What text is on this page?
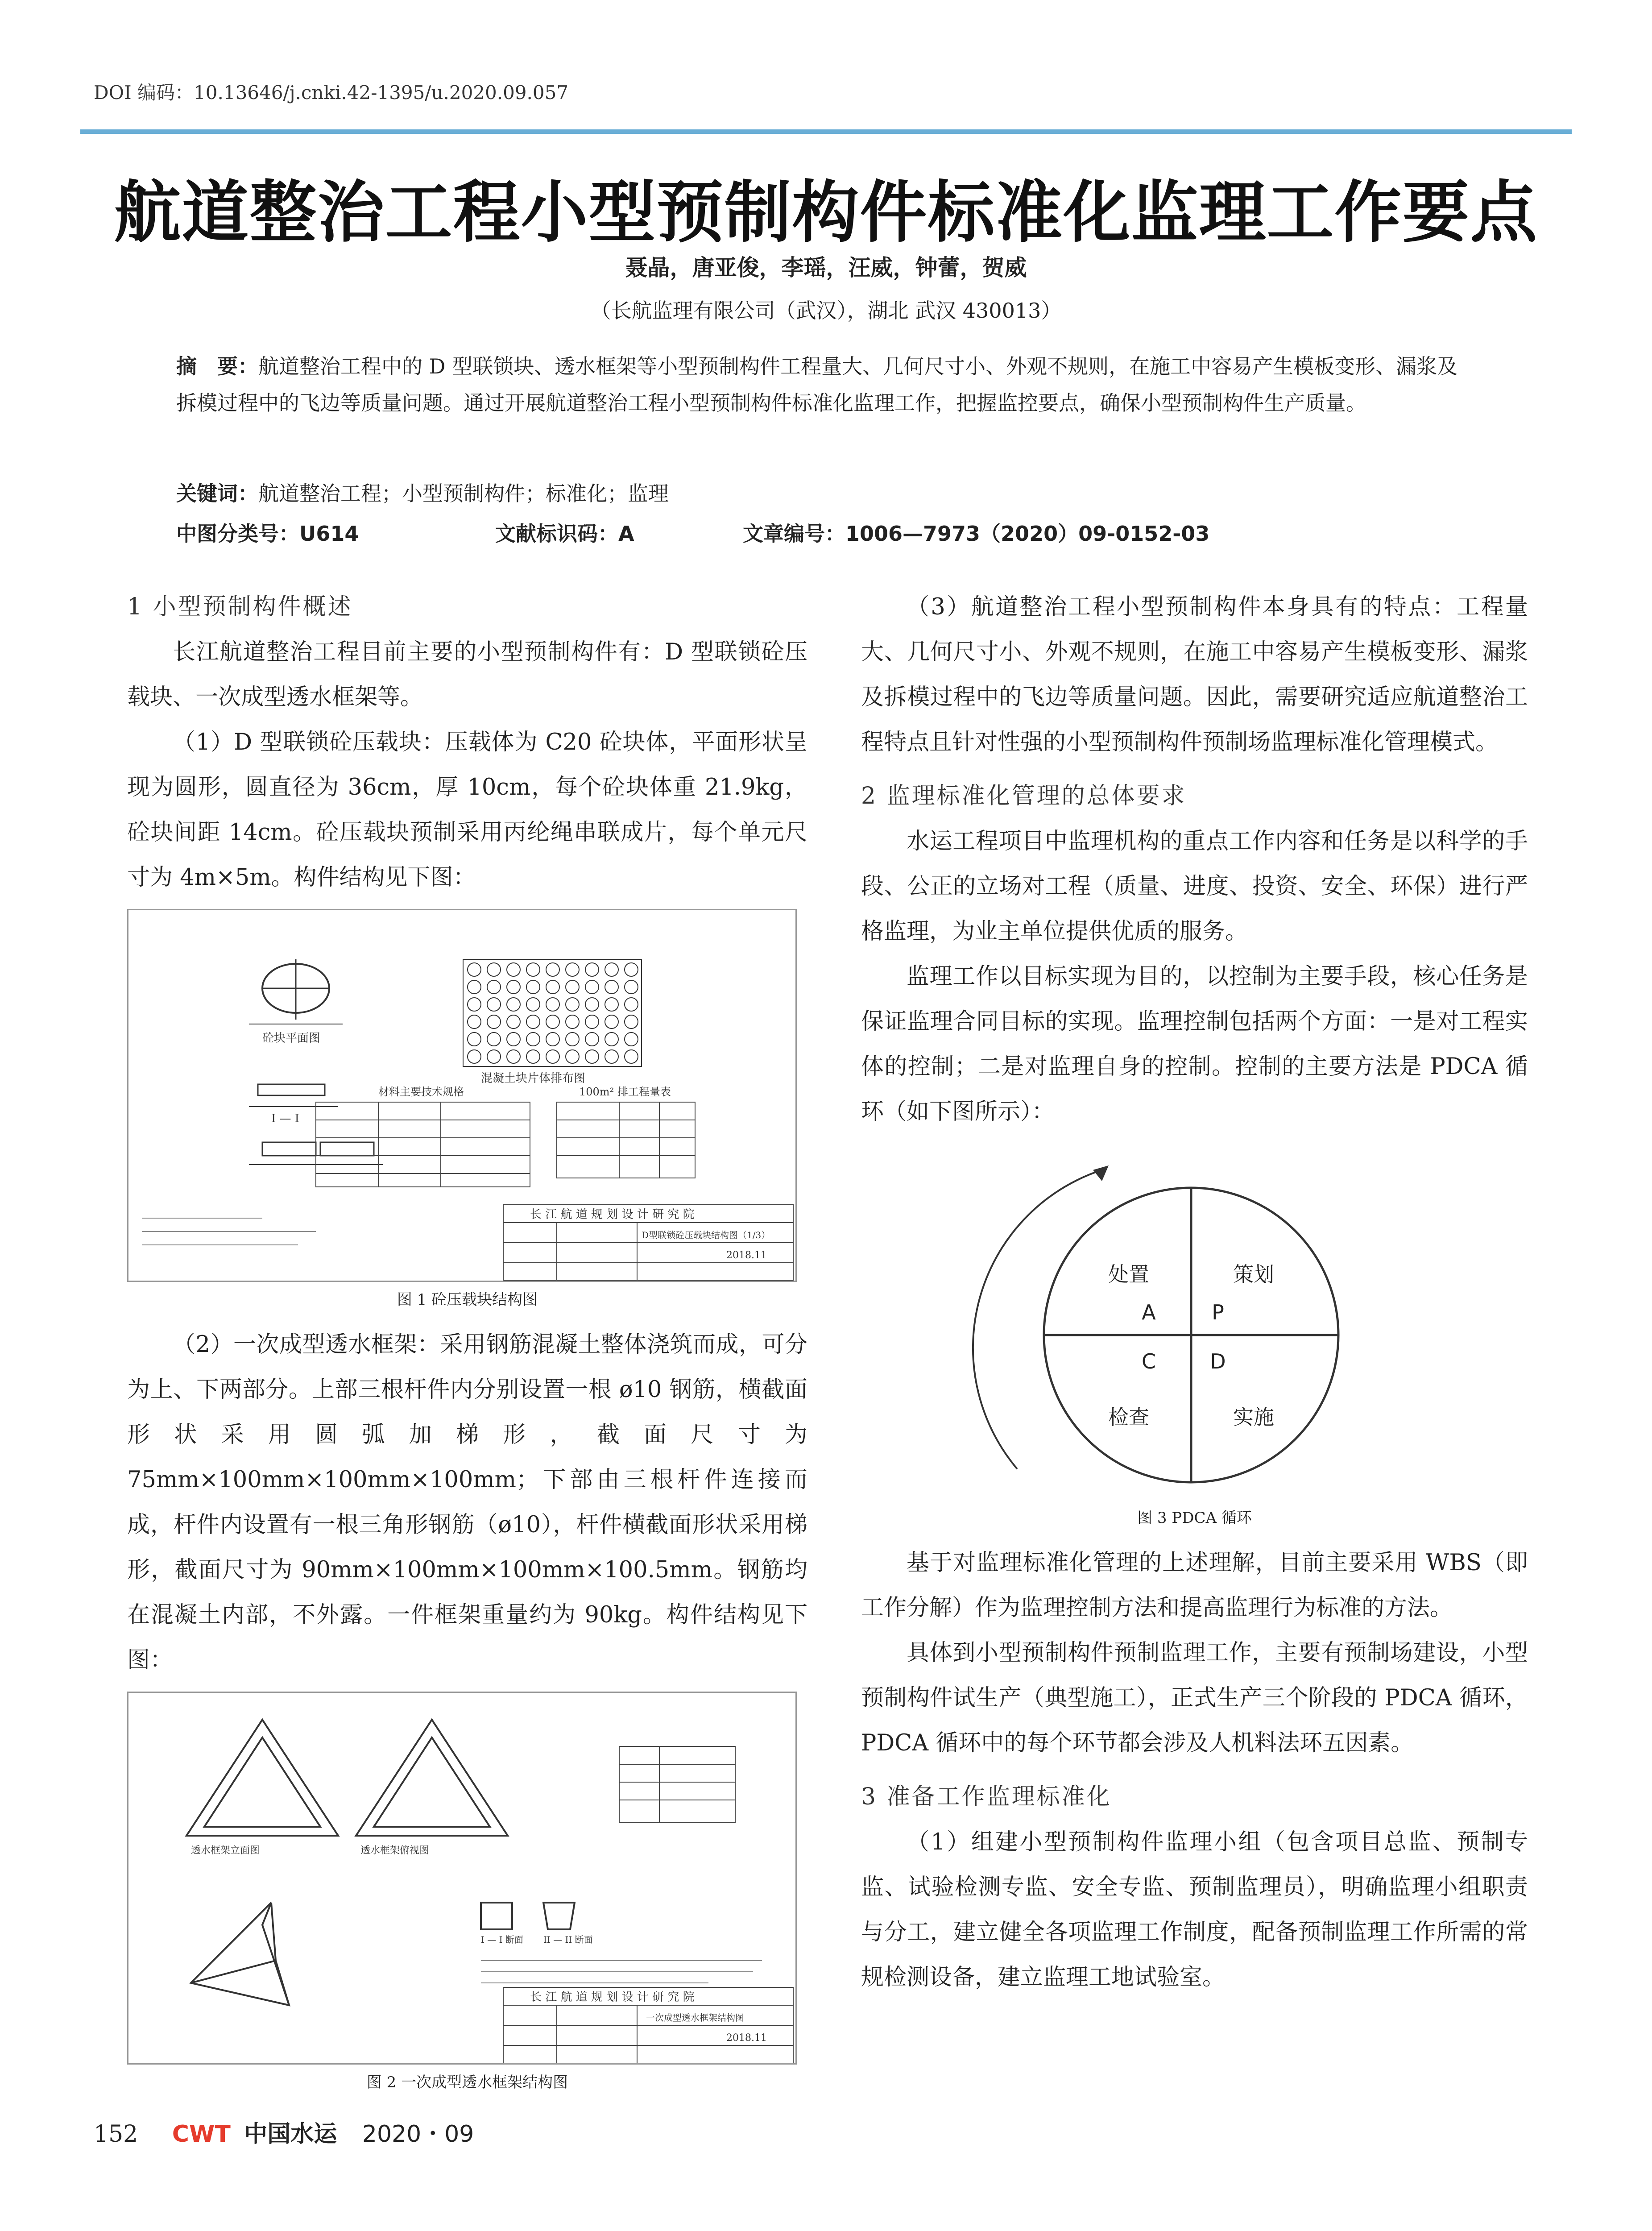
DOI 编码：10.13646/j.cnki.42-1395/u.2020.09.057
航道整治工程小型预制构件标准化监理工作要点
聂晶，唐亚俊，李瑶，汪威，钟蕾，贺威
（长航监理有限公司（武汉），湖北 武汉 430013）
摘　要：航道整治工程中的 D 型联锁块、透水框架等小型预制构件工程量大、几何尺寸小、外观不规则，在施工中容易产生模板变形、漏浆及拆模过程中的飞边等质量问题。通过开展航道整治工程小型预制构件标准化监理工作，把握监控要点，确保小型预制构件生产质量。
关键词：航道整治工程；小型预制构件；标准化；监理
中图分类号：U614	文献标识码：A	文章编号：1006—7973（2020）09-0152-03

1 小型预制构件概述

长江航道整治工程目前主要的小型预制构件有：D 型联锁砼压载块、一次成型透水框架等。

（1）D 型联锁砼压载块：压载体为 C20 砼块体，平面形状呈现为圆形，圆直径为 36cm，厚 10cm，每个砼块体重 21.9kg，砼块间距 14cm。砼压载块预制采用丙纶绳串联成片，每个单元尺寸为 4m×5m。构件结构见下图：

砼块平面图
I — I
混凝土块片体排布图
材料主要技术规格	100m² 排工程量表
长 江 航 道 规 划 设 计 研 究 院
D型联锁砼压载块结构图（1/3）
2018.11
图 1 砼压载块结构图

（2）一次成型透水框架：采用钢筋混凝土整体浇筑而成，可分为上、下两部分。上部三根杆件内分别设置一根 ø10 钢筋，横截面形状采用圆弧加梯形，截面尺寸为 75mm×100mm×100mm×100mm；下部由三根杆件连接而成，杆件内设置有一根三角形钢筋（ø10），杆件横截面形状采用梯形，截面尺寸为 90mm×100mm×100mm×100.5mm。钢筋均在混凝土内部，不外露。一件框架重量约为 90kg。构件结构见下图：

透水框架立面图	透水框架俯视图
I — I 断面 II — II 断面
长 江 航 道 规 划 设 计 研 究 院
一次成型透水框架结构图
2018.11
图 2 一次成型透水框架结构图

（3）航道整治工程小型预制构件本身具有的特点：工程量大、几何尺寸小、外观不规则，在施工中容易产生模板变形、漏浆及拆模过程中的飞边等质量问题。因此，需要研究适应航道整治工程特点且针对性强的小型预制构件预制场监理标准化管理模式。

2 监理标准化管理的总体要求

水运工程项目中监理机构的重点工作内容和任务是以科学的手段、公正的立场对工程（质量、进度、投资、安全、环保）进行严格监理，为业主单位提供优质的服务。

监理工作以目标实现为目的，以控制为主要手段，核心任务是保证监理合同目标的实现。监理控制包括两个方面：一是对工程实体的控制；二是对监理自身的控制。控制的主要方法是 PDCA 循环（如下图所示）：

处置	策划
检查	实施
A	P
C	D
图 3 PDCA 循环

基于对监理标准化管理的上述理解，目前主要采用 WBS（即工作分解）作为监理控制方法和提高监理行为标准的方法。

具体到小型预制构件预制监理工作，主要有预制场建设，小型预制构件试生产（典型施工），正式生产三个阶段的 PDCA 循环，PDCA 循环中的每个环节都会涉及人机料法环五因素。

3 准备工作监理标准化

（1）组建小型预制构件监理小组（包含项目总监、预制专监、试验检测专监、安全专监、预制监理员），明确监理小组职责与分工，建立健全各项监理工作制度，配备预制监理工作所需的常规检测设备，建立监理工地试验室。

152 CWT 中国水运 2020・09
